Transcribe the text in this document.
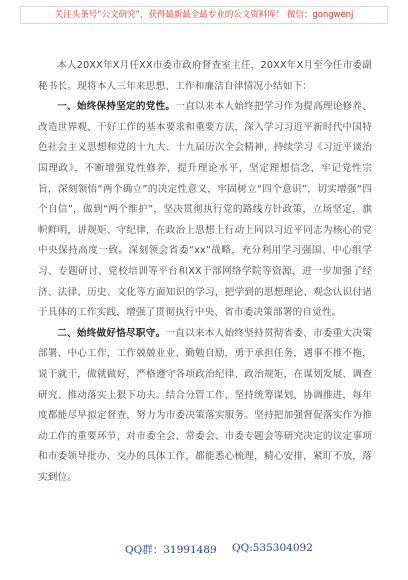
关注头条号“公文研究”，获得最新最全最专业的公文资料库！ 微信：gongwenj

本人20XX年X月任XX市委市政府督查室主任，20XX年X月至今任市委副秘书长。现将本人三年来思想、工作和廉洁自律情况小结如下：

一、始终保持坚定的党性。一直以来本人始终把学习作为提高理论修养、改造世界观、干好工作的基本要求和重要方法，深入学习习近平新时代中国特色社会主义思想和党的十九大、十九届历次全会精神，持续学习《习近平谈治国理政》，不断增强党性修养，提升理论水平，坚定理想信念，牢记党性宗旨，深刻领悟“两个确立”的决定性意义，牢固树立“四个意识”，切实增强“四个自信”，做到“两个维护”，坚决贯彻执行党的路线方针政策，立场坚定，旗帜鲜明，讲规矩、守纪律，在政治上思想上行动上同以习近平同志为核心的党中央保持高度一致。深刻领会省委“xx”战略，充分利用学习强国、中心组学习、专题研讨、党校培训等平台和XX干部网络学院等资源，进一步加强了经济、法律、历史、文化等方面知识的学习，把学到的思想理论、观念认识付诸于具体的工作实践，增强了贯彻执行中央、省市委决策部署的自觉性。

二、始终做好恪尽职守。一直以来本人始终坚持贯彻省委、市委重大决策部署、中心工作，工作兢兢业业、勤勉自励，勇于承担任务，遇事不推不拖，说干就干，做就做好，严格遵守各项政治纪律、政治规矩，在谋划发展、调查研究、推动落实上狠下功夫。结合分管工作，坚持统筹谋划、协调推进，每年度都能尽早拟定督查，努力为市委决策落实服务。坚持把加强督促落实作为推动工作的重要环节，对市委全会、常委会、市委专题会等研究决定的议定事项和市委领导批办、交办的具体工作，都能悉心梳理，精心安排，紧盯不放，落实到位。

QQ群：31991489 QQ:535304092
